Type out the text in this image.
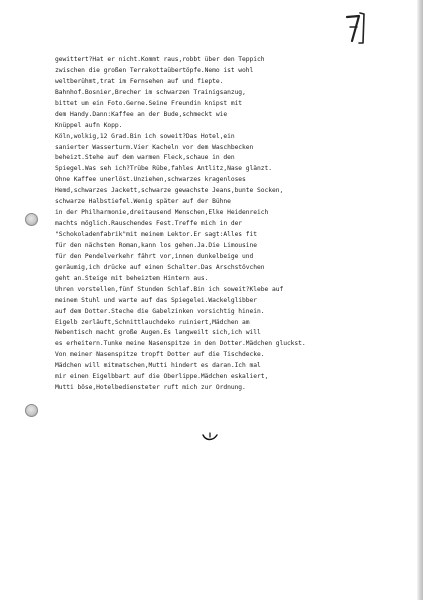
gewittert?Hat er nicht.Kommt raus,robbt über den Teppich
zwischen die großen Terrakottaübertöpfe.Nemo ist wohl
weltberühmt,trat im Fernsehen auf und fiepte.
Bahnhof.Bosnier,Brecher im schwarzen Trainigsanzug,
bittet um ein Foto.Gerne.Seine Freundin knipst mit
dem Handy.Dann:Kaffee an der Bude,schmeckt wie
Knüppel aufn Kopp.
Köln,wolkig,12 Grad.Bin ich soweit?Das Hotel,ein
sanierter Wasserturm.Vier Kacheln vor dem Waschbecken
beheizt.Stehe auf dem warmen Fleck,schaue in den
Spiegel.Was seh ich?Trübe Rübe,fahles Antlitz,Nase glänzt.
Ohne Kaffee unerlöst.Unziehen,schwarzes kragenloses
Hemd,schwarzes Jackett,schwarze gewachste Jeans,bunte Socken,
schwarze Halbstiefel.Wenig später auf der Bühne
in der Philharmonie,dreitausend Menschen,Elke Heidenreich
machts möglich.Rauschendes Fest.Treffe mich in der
"Schokoladenfabrik"mit meinem Lektor.Er sagt:Alles fit
für den nächsten Roman,kann los gehen.Ja.Die Limousine
für den Pendelverkehr fährt vor,innen dunkelbeige und
geräumig,ich drücke auf einen Schalter.Das Arschstövchen
geht an.Steige mit beheiztem Hintern aus.
Uhren vorstellen,fünf Stunden Schlaf.Bin ich soweit?Klebe auf
meinem Stuhl und warte auf das Spiegelei.Wackelglibber
auf dem Dotter.Steche die Gabelzinken vorsichtig hinein.
Eigelb zerläuft,Schnittlauchdeko ruiniert,Mädchen am
Nebentisch macht große Augen.Es langweilt sich,ich will
es erheitern.Tunke meine Nasenspitze in den Dotter.Mädchen gluckst.
Von meiner Nasenspitze tropft Dotter auf die Tischdecke.
Mädchen will mitmatschen,Mutti hindert es daran.Ich mal
mir einen Eigelbbart auf die Oberlippe.Mädchen eskaliert,
Mutti böse,Hotelbediensteter ruft mich zur Ordnung.
